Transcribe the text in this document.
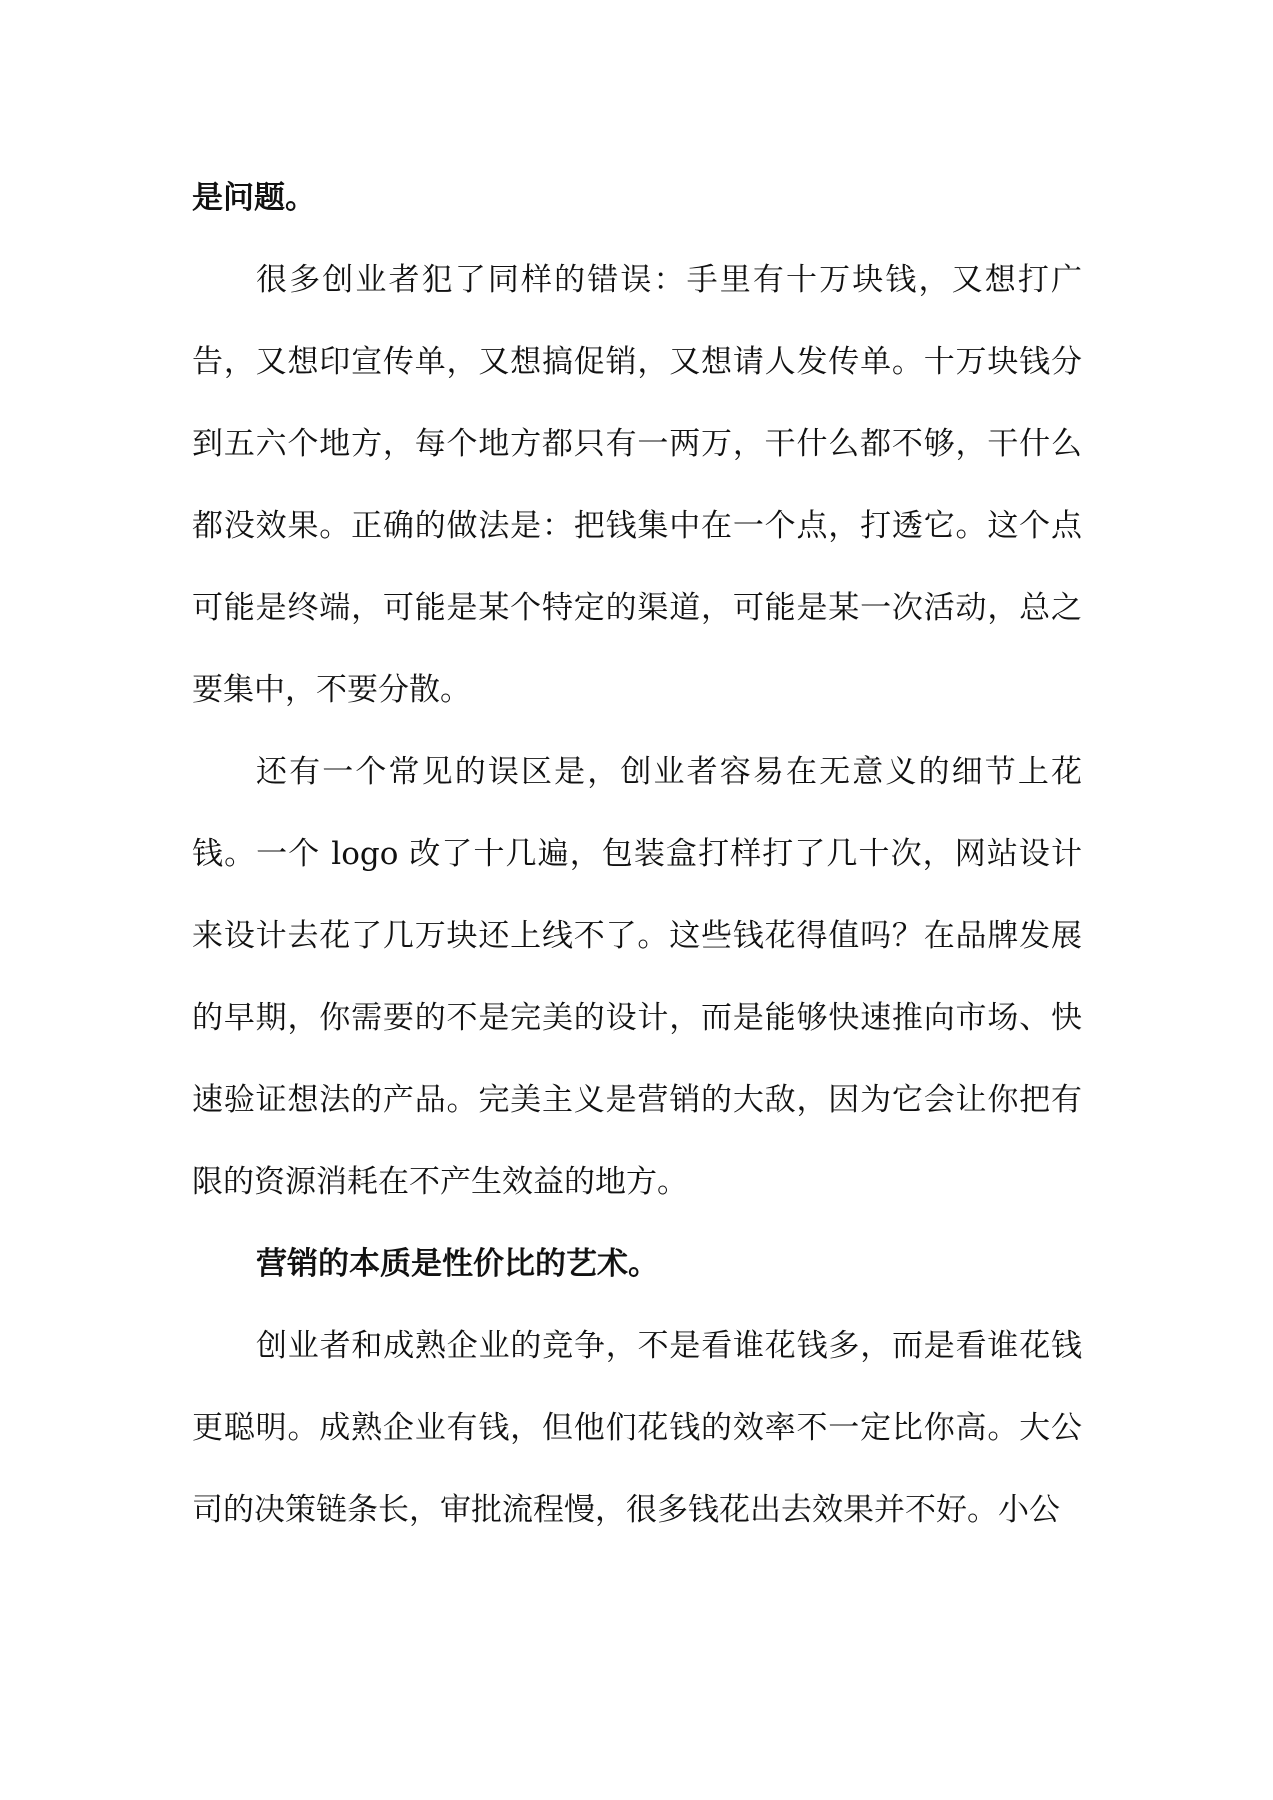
是问题。

很多创业者犯了同样的错误：手里有十万块钱，又想打广告，又想印宣传单，又想搞促销，又想请人发传单。十万块钱分到五六个地方，每个地方都只有一两万，干什么都不够，干什么都没效果。正确的做法是：把钱集中在一个点，打透它。这个点可能是终端，可能是某个特定的渠道，可能是某一次活动，总之要集中，不要分散。

还有一个常见的误区是，创业者容易在无意义的细节上花钱。一个 logo 改了十几遍，包装盒打样打了几十次，网站设计来设计去花了几万块还上线不了。这些钱花得值吗？在品牌发展的早期，你需要的不是完美的设计，而是能够快速推向市场、快速验证想法的产品。完美主义是营销的大敌，因为它会让你把有限的资源消耗在不产生效益的地方。

营销的本质是性价比的艺术。

创业者和成熟企业的竞争，不是看谁花钱多，而是看谁花钱更聪明。成熟企业有钱，但他们花钱的效率不一定比你高。大公司的决策链条长，审批流程慢，很多钱花出去效果并不好。小公
